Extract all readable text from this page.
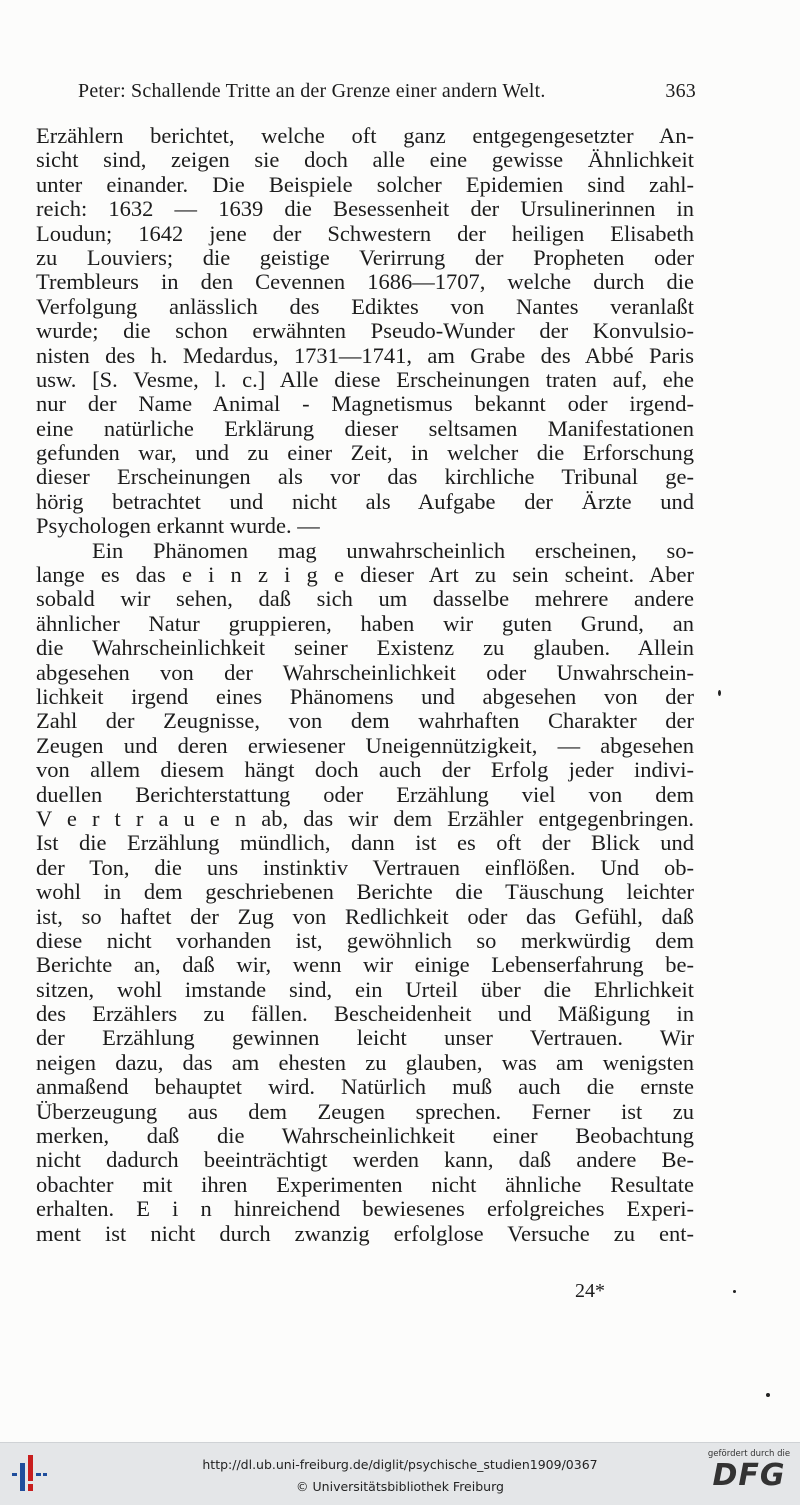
Peter: Schallende Tritte an der Grenze einer andern Welt.	363
Erzählern berichtet, welche oft ganz entgegengesetzter An-
sicht sind, zeigen sie doch alle eine gewisse Ähnlichkeit
unter einander. Die Beispiele solcher Epidemien sind zahl-
reich: 1632 — 1639 die Besessenheit der Ursulinerinnen in
Loudun; 1642 jene der Schwestern der heiligen Elisabeth
zu Louviers; die geistige Verirrung der Propheten oder
Trembleurs in den Cevennen 1686—1707, welche durch die
Verfolgung anlässlich des Ediktes von Nantes veranlaßt
wurde; die schon erwähnten Pseudo-Wunder der Konvulsio-
nisten des h. Medardus, 1731—1741, am Grabe des Abbé Paris
usw. [S. Vesme, l. c.] Alle diese Erscheinungen traten auf, ehe
nur der Name Animal - Magnetismus bekannt oder irgend-
eine natürliche Erklärung dieser seltsamen Manifestationen
gefunden war, und zu einer Zeit, in welcher die Erforschung
dieser Erscheinungen als vor das kirchliche Tribunal ge-
hörig betrachtet und nicht als Aufgabe der Ärzte und
Psychologen erkannt wurde. —
Ein Phänomen mag unwahrscheinlich erscheinen, so-
lange es das e i n z i g e dieser Art zu sein scheint. Aber
sobald wir sehen, daß sich um dasselbe mehrere andere
ähnlicher Natur gruppieren, haben wir guten Grund, an
die Wahrscheinlichkeit seiner Existenz zu glauben. Allein
abgesehen von der Wahrscheinlichkeit oder Unwahrschein-
lichkeit irgend eines Phänomens und abgesehen von der
Zahl der Zeugnisse, von dem wahrhaften Charakter der
Zeugen und deren erwiesener Uneigennützigkeit, — abgesehen
von allem diesem hängt doch auch der Erfolg jeder indivi-
duellen Berichterstattung oder Erzählung viel von dem
V e r t r a u e n ab, das wir dem Erzähler entgegenbringen.
Ist die Erzählung mündlich, dann ist es oft der Blick und
der Ton, die uns instinktiv Vertrauen einflößen. Und ob-
wohl in dem geschriebenen Berichte die Täuschung leichter
ist, so haftet der Zug von Redlichkeit oder das Gefühl, daß
diese nicht vorhanden ist, gewöhnlich so merkwürdig dem
Berichte an, daß wir, wenn wir einige Lebenserfahrung be-
sitzen, wohl imstande sind, ein Urteil über die Ehrlichkeit
des Erzählers zu fällen. Bescheidenheit und Mäßigung in
der Erzählung gewinnen leicht unser Vertrauen. Wir
neigen dazu, das am ehesten zu glauben, was am wenigsten
anmaßend behauptet wird. Natürlich muß auch die ernste
Überzeugung aus dem Zeugen sprechen. Ferner ist zu
merken, daß die Wahrscheinlichkeit einer Beobachtung
nicht dadurch beeinträchtigt werden kann, daß andere Be-
obachter mit ihren Experimenten nicht ähnliche Resultate
erhalten. E i n hinreichend bewiesenes erfolgreiches Experi-
ment ist nicht durch zwanzig erfolglose Versuche zu ent-
24*
http://dl.ub.uni-freiburg.de/diglit/psychische_studien1909/0367
© Universitätsbibliothek Freiburg
gefördert durch die
DFG
